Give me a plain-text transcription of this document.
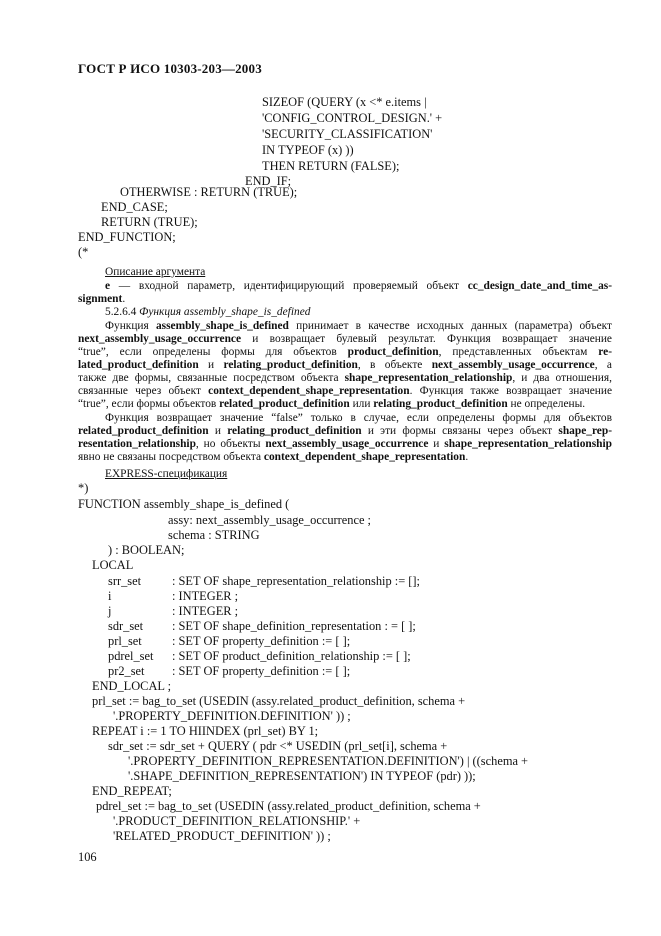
ГОСТ Р ИСО 10303-203—2003
SIZEOF (QUERY (x <* e.items |
'CONFIG_CONTROL_DESIGN.' +
'SECURITY_CLASSIFICATION'
IN TYPEOF (x) ))
THEN RETURN (FALSE);
END_IF;
OTHERWISE : RETURN (TRUE);
END_CASE;
RETURN (TRUE);
END_FUNCTION;
(*
Описание аргумента
e — входной параметр, идентифицирующий проверяемый объект cc_design_date_and_time_as-
signment.
5.2.6.4 Функция assembly_shape_is_defined
Функция assembly_shape_is_defined принимает в качестве исходных данных (параметра) объект
next_assembly_usage_occurrence и возвращает булевый результат. Функция возвращает значение
“true”, если определены формы для объектов product_definition, представленных объектам re-
lated_product_definition и relating_product_definition, в объекте next_assembly_usage_occurrence, а
также две формы, связанные посредством объекта shape_representation_relationship, и два отношения,
связанные через объект context_dependent_shape_representation. Функция также возвращает значение
“true”, если формы объектов related_product_definition или relating_product_definition не определены.
Функция возвращает значение “false” только в случае, если определены формы для объектов
related_product_definition и relating_product_definition и эти формы связаны через объект shape_rep-
resentation_relationship, но объекты next_assembly_usage_occurrence и shape_representation_relationship
явно не связаны посредством объекта context_dependent_shape_representation.
EXPRESS-спецификация
*)
FUNCTION assembly_shape_is_defined (
assy: next_assembly_usage_occurrence ;
schema : STRING
) : BOOLEAN;
LOCAL
srr_set : SET OF shape_representation_relationship := [];
i	: INTEGER ;
j	: INTEGER ;
sdr_set : SET OF shape_definition_representation : = [ ];
prl_set : SET OF property_definition := [ ];
pdrel_set : SET OF product_definition_relationship := [ ];
pr2_set : SET OF property_definition := [ ];
END_LOCAL ;
prl_set := bag_to_set (USEDIN (assy.related_product_definition, schema +
'.PROPERTY_DEFINITION.DEFINITION' )) ;
REPEAT i := 1 TO HIINDEX (prl_set) BY 1;
sdr_set := sdr_set + QUERY ( pdr <* USEDIN (prl_set[i], schema +
'.PROPERTY_DEFINITION_REPRESENTATION.DEFINITION') | ((schema +
'.SHAPE_DEFINITION_REPRESENTATION') IN TYPEOF (pdr) ));
END_REPEAT;
pdrel_set := bag_to_set (USEDIN (assy.related_product_definition, schema +
'.PRODUCT_DEFINITION_RELATIONSHIP.' +
'RELATED_PRODUCT_DEFINITION' )) ;
106
